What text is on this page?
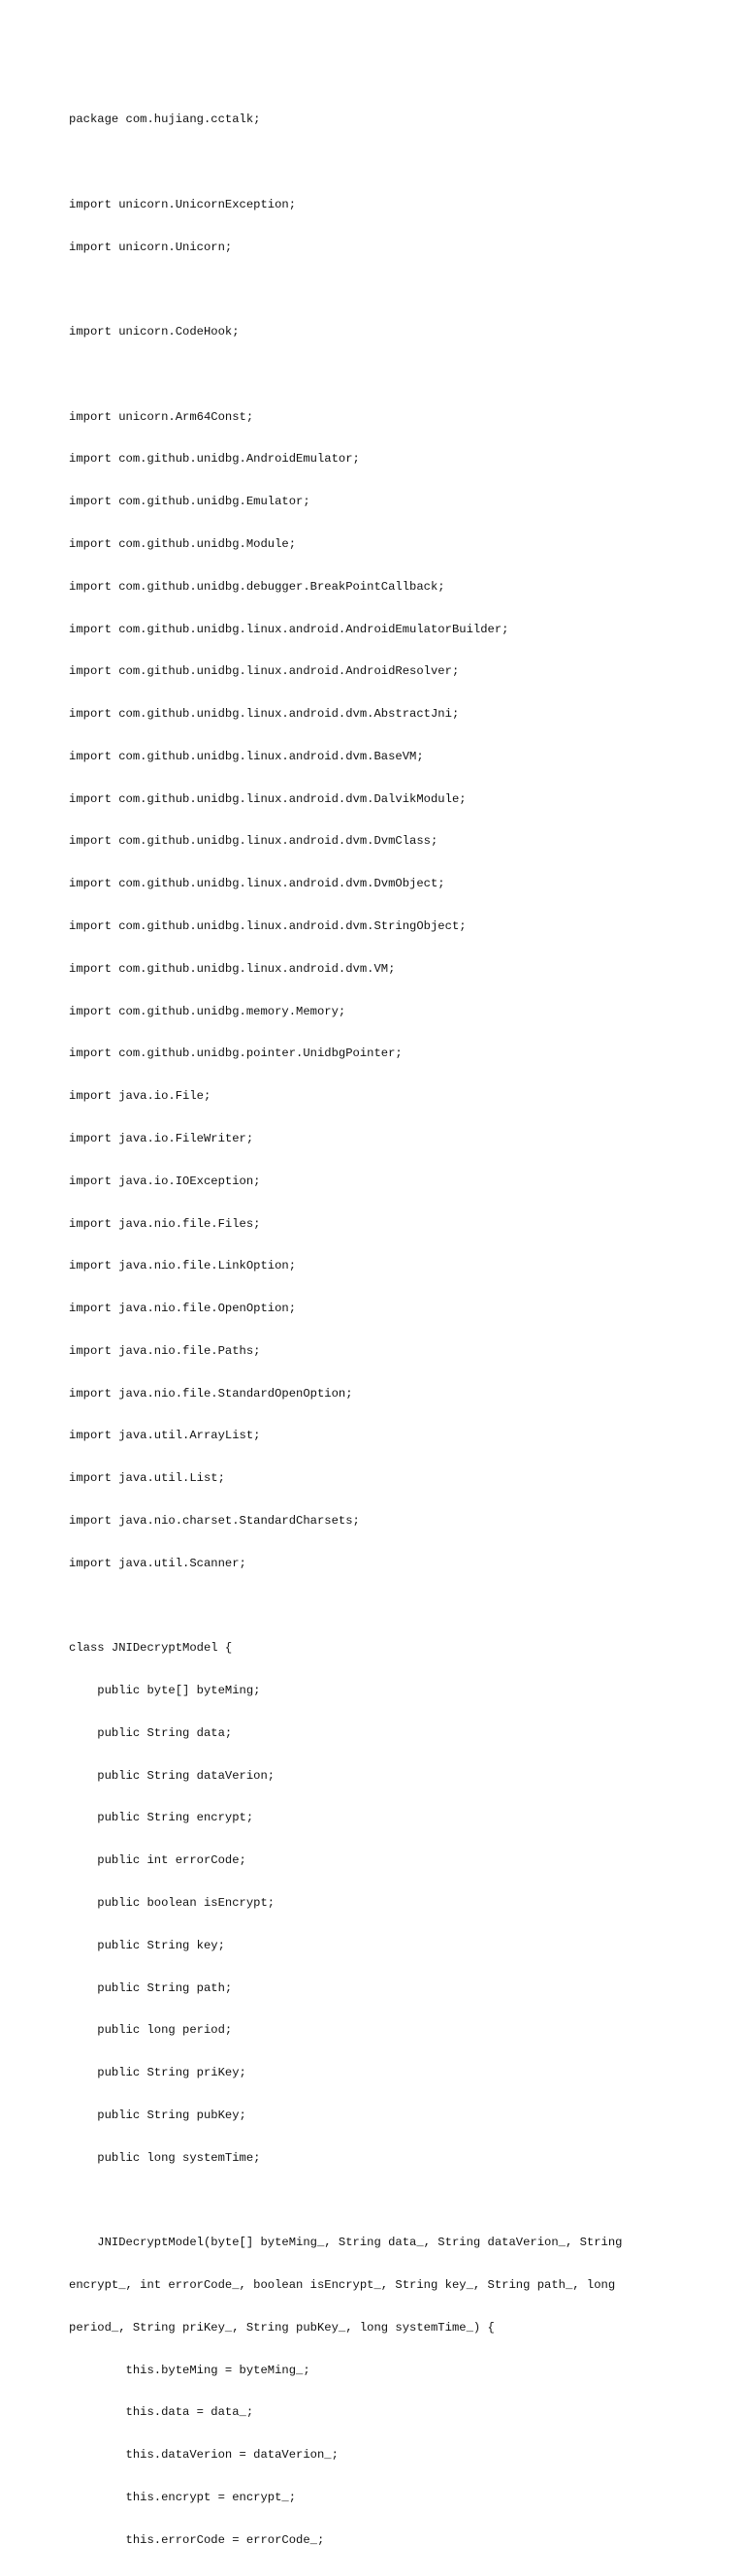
package com.hujiang.cctalk;

import unicorn.UnicornException;

import unicorn.Unicorn;

import unicorn.CodeHook;

import unicorn.Arm64Const;

import com.github.unidbg.AndroidEmulator;

import com.github.unidbg.Emulator;

import com.github.unidbg.Module;

import com.github.unidbg.debugger.BreakPointCallback;

import com.github.unidbg.linux.android.AndroidEmulatorBuilder;

import com.github.unidbg.linux.android.AndroidResolver;

import com.github.unidbg.linux.android.dvm.AbstractJni;

import com.github.unidbg.linux.android.dvm.BaseVM;

import com.github.unidbg.linux.android.dvm.DalvikModule;

import com.github.unidbg.linux.android.dvm.DvmClass;

import com.github.unidbg.linux.android.dvm.DvmObject;

import com.github.unidbg.linux.android.dvm.StringObject;

import com.github.unidbg.linux.android.dvm.VM;

import com.github.unidbg.memory.Memory;

import com.github.unidbg.pointer.UnidbgPointer;

import java.io.File;

import java.io.FileWriter;

import java.io.IOException;

import java.nio.file.Files;

import java.nio.file.LinkOption;

import java.nio.file.OpenOption;

import java.nio.file.Paths;

import java.nio.file.StandardOpenOption;

import java.util.ArrayList;

import java.util.List;

import java.nio.charset.StandardCharsets;

import java.util.Scanner;

class JNIDecryptModel {

public byte[] byteMing;

public String data;

public String dataVerion;

public String encrypt;

public int errorCode;

public boolean isEncrypt;

public String key;

public String path;

public long period;

public String priKey;

public String pubKey;

public long systemTime;

JNIDecryptModel(byte[] byteMing_, String data_, String dataVerion_, String

encrypt_, int errorCode_, boolean isEncrypt_, String key_, String path_, long

period_, String priKey_, String pubKey_, long systemTime_) {

this.byteMing = byteMing_;

this.data = data_;

this.dataVerion = dataVerion_;

this.encrypt = encrypt_;

this.errorCode = errorCode_;
